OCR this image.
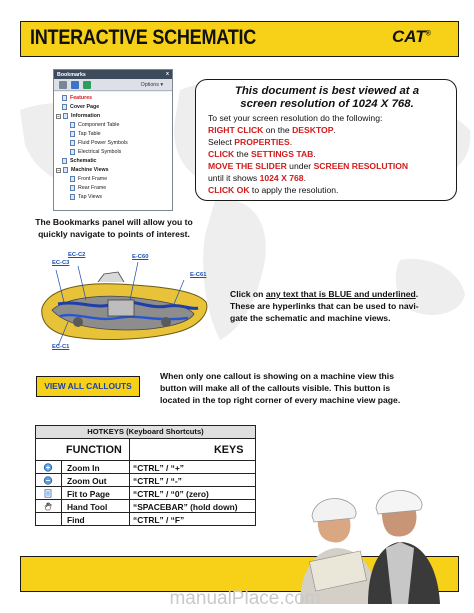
INTERACTIVE SCHEMATIC	CAT®
Bookmarks	x
Options ▾
Features
Cover Page
− Information
Component Table
Tap Table
Fluid Power Symbols
Electrical Symbols
Schematic
− Machine Views
Front Frame
Rear Frame
Tap Views
This document is best viewed at a
screen resolution of 1024 X 768.
To set your screen resolution do the following:
RIGHT CLICK on the DESKTOP.
Select PROPERTIES.
CLICK the SETTINGS TAB.
MOVE THE SLIDER under SCREEN RESOLUTION
until it shows 1024 X 768.
CLICK OK to apply the resolution.
The Bookmarks panel will allow you to
quickly navigate to points of interest.
EC-C2
EC-C3
E-C60
E-C61
EC-C1
Click on any text that is BLUE and underlined.
These are hyperlinks that can be used to navi-
gate the schematic and machine views.
VIEW ALL CALLOUTS
When only one callout is showing on a machine view this
button will make all of the callouts visible. This button is
located in the top right corner of every machine view page.
HOTKEYS (Keyboard Shortcuts)
FUNCTION	KEYS
Zoom In	“CTRL” / “+”
Zoom Out	“CTRL” / “-”
Fit to Page	“CTRL” / “0” (zero)
Hand Tool	“SPACEBAR” (hold down)
Find	“CTRL” / “F”
manualPlace.com
